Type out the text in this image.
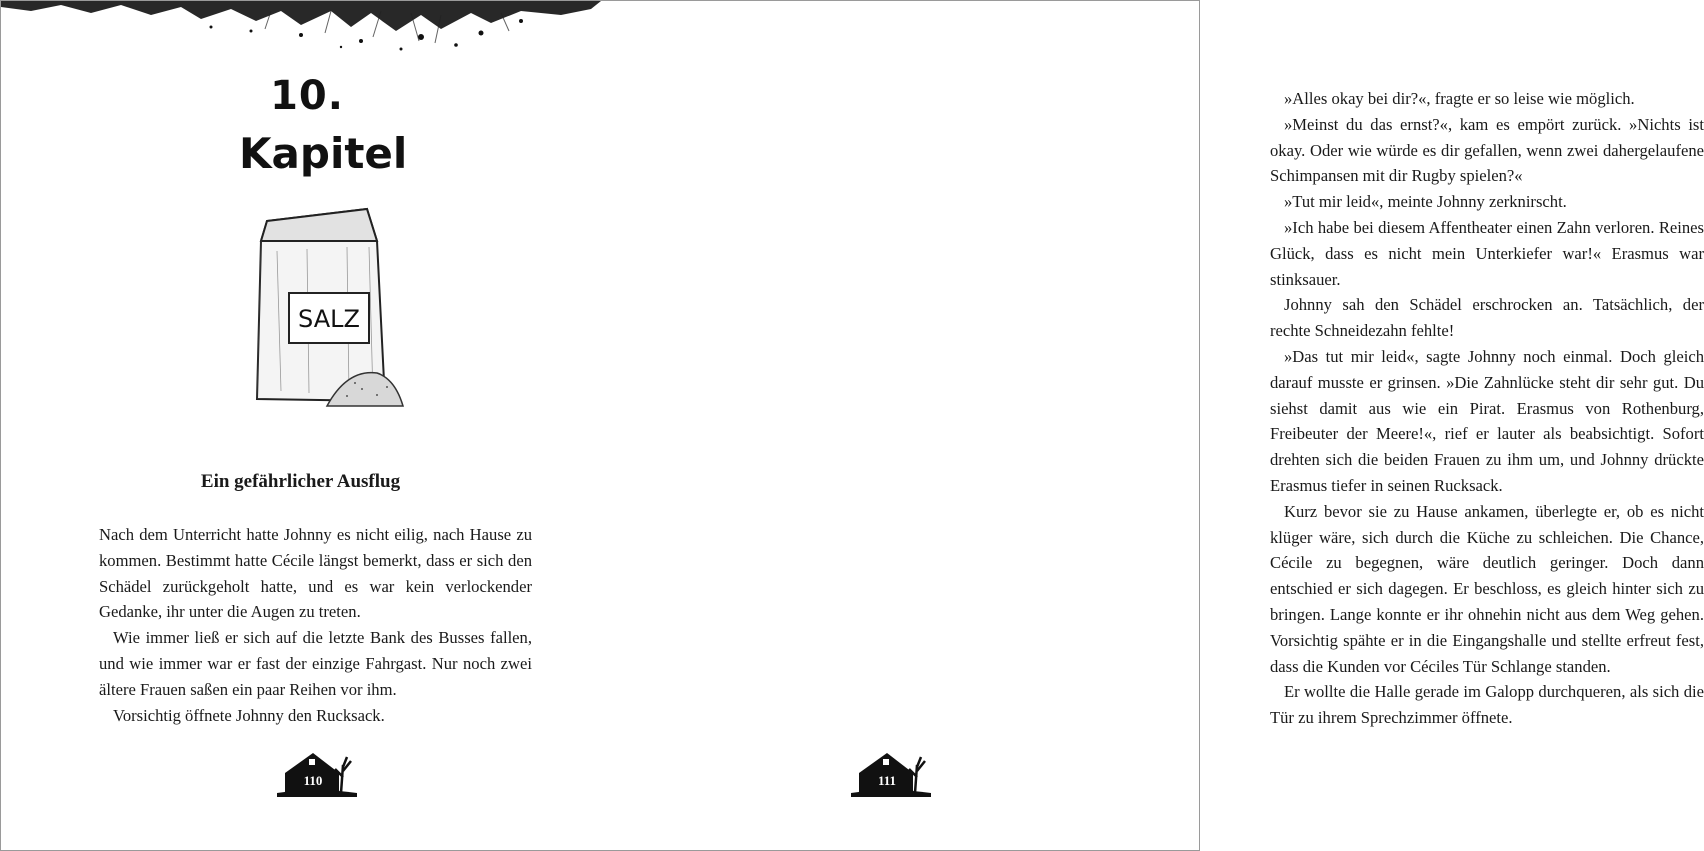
10.
Kapitel
SALZ
Ein gefährlicher Ausflug

Nach dem Unterricht hatte Johnny es nicht eilig, nach Hause zu kommen. Bestimmt hatte Cécile längst bemerkt, dass er sich den Schädel zurückgeholt hatte, und es war kein verlockender Gedanke, ihr unter die Augen zu treten.

Wie immer ließ er sich auf die letzte Bank des Busses fallen, und wie immer war er fast der einzige Fahrgast. Nur noch zwei ältere Frauen saßen ein paar Reihen vor ihm.

Vorsichtig öffnete Johnny den Rucksack.

110

»Alles okay bei dir?«, fragte er so leise wie möglich.

»Meinst du das ernst?«, kam es empört zurück. »Nichts ist okay. Oder wie würde es dir gefallen, wenn zwei dahergelaufene Schimpansen mit dir Rugby spielen?«

»Tut mir leid«, meinte Johnny zerknirscht.

»Ich habe bei diesem Affentheater einen Zahn verloren. Reines Glück, dass es nicht mein Unterkiefer war!« Erasmus war stinksauer.

Johnny sah den Schädel erschrocken an. Tatsächlich, der rechte Schneidezahn fehlte!

»Das tut mir leid«, sagte Johnny noch einmal. Doch gleich darauf musste er grinsen. »Die Zahnlücke steht dir sehr gut. Du siehst damit aus wie ein Pirat. Erasmus von Rothenburg, Freibeuter der Meere!«, rief er lauter als beabsichtigt. Sofort drehten sich die beiden Frauen zu ihm um, und Johnny drückte Erasmus tiefer in seinen Rucksack.

Kurz bevor sie zu Hause ankamen, überlegte er, ob es nicht klüger wäre, sich durch die Küche zu schleichen. Die Chance, Cécile zu begegnen, wäre deutlich geringer. Doch dann entschied er sich dagegen. Er beschloss, es gleich hinter sich zu bringen. Lange konnte er ihr ohnehin nicht aus dem Weg gehen. Vorsichtig spähte er in die Eingangshalle und stellte erfreut fest, dass die Kunden vor Céciles Tür Schlange standen.

Er wollte die Halle gerade im Galopp durchqueren, als sich die Tür zu ihrem Sprechzimmer öffnete.

111
